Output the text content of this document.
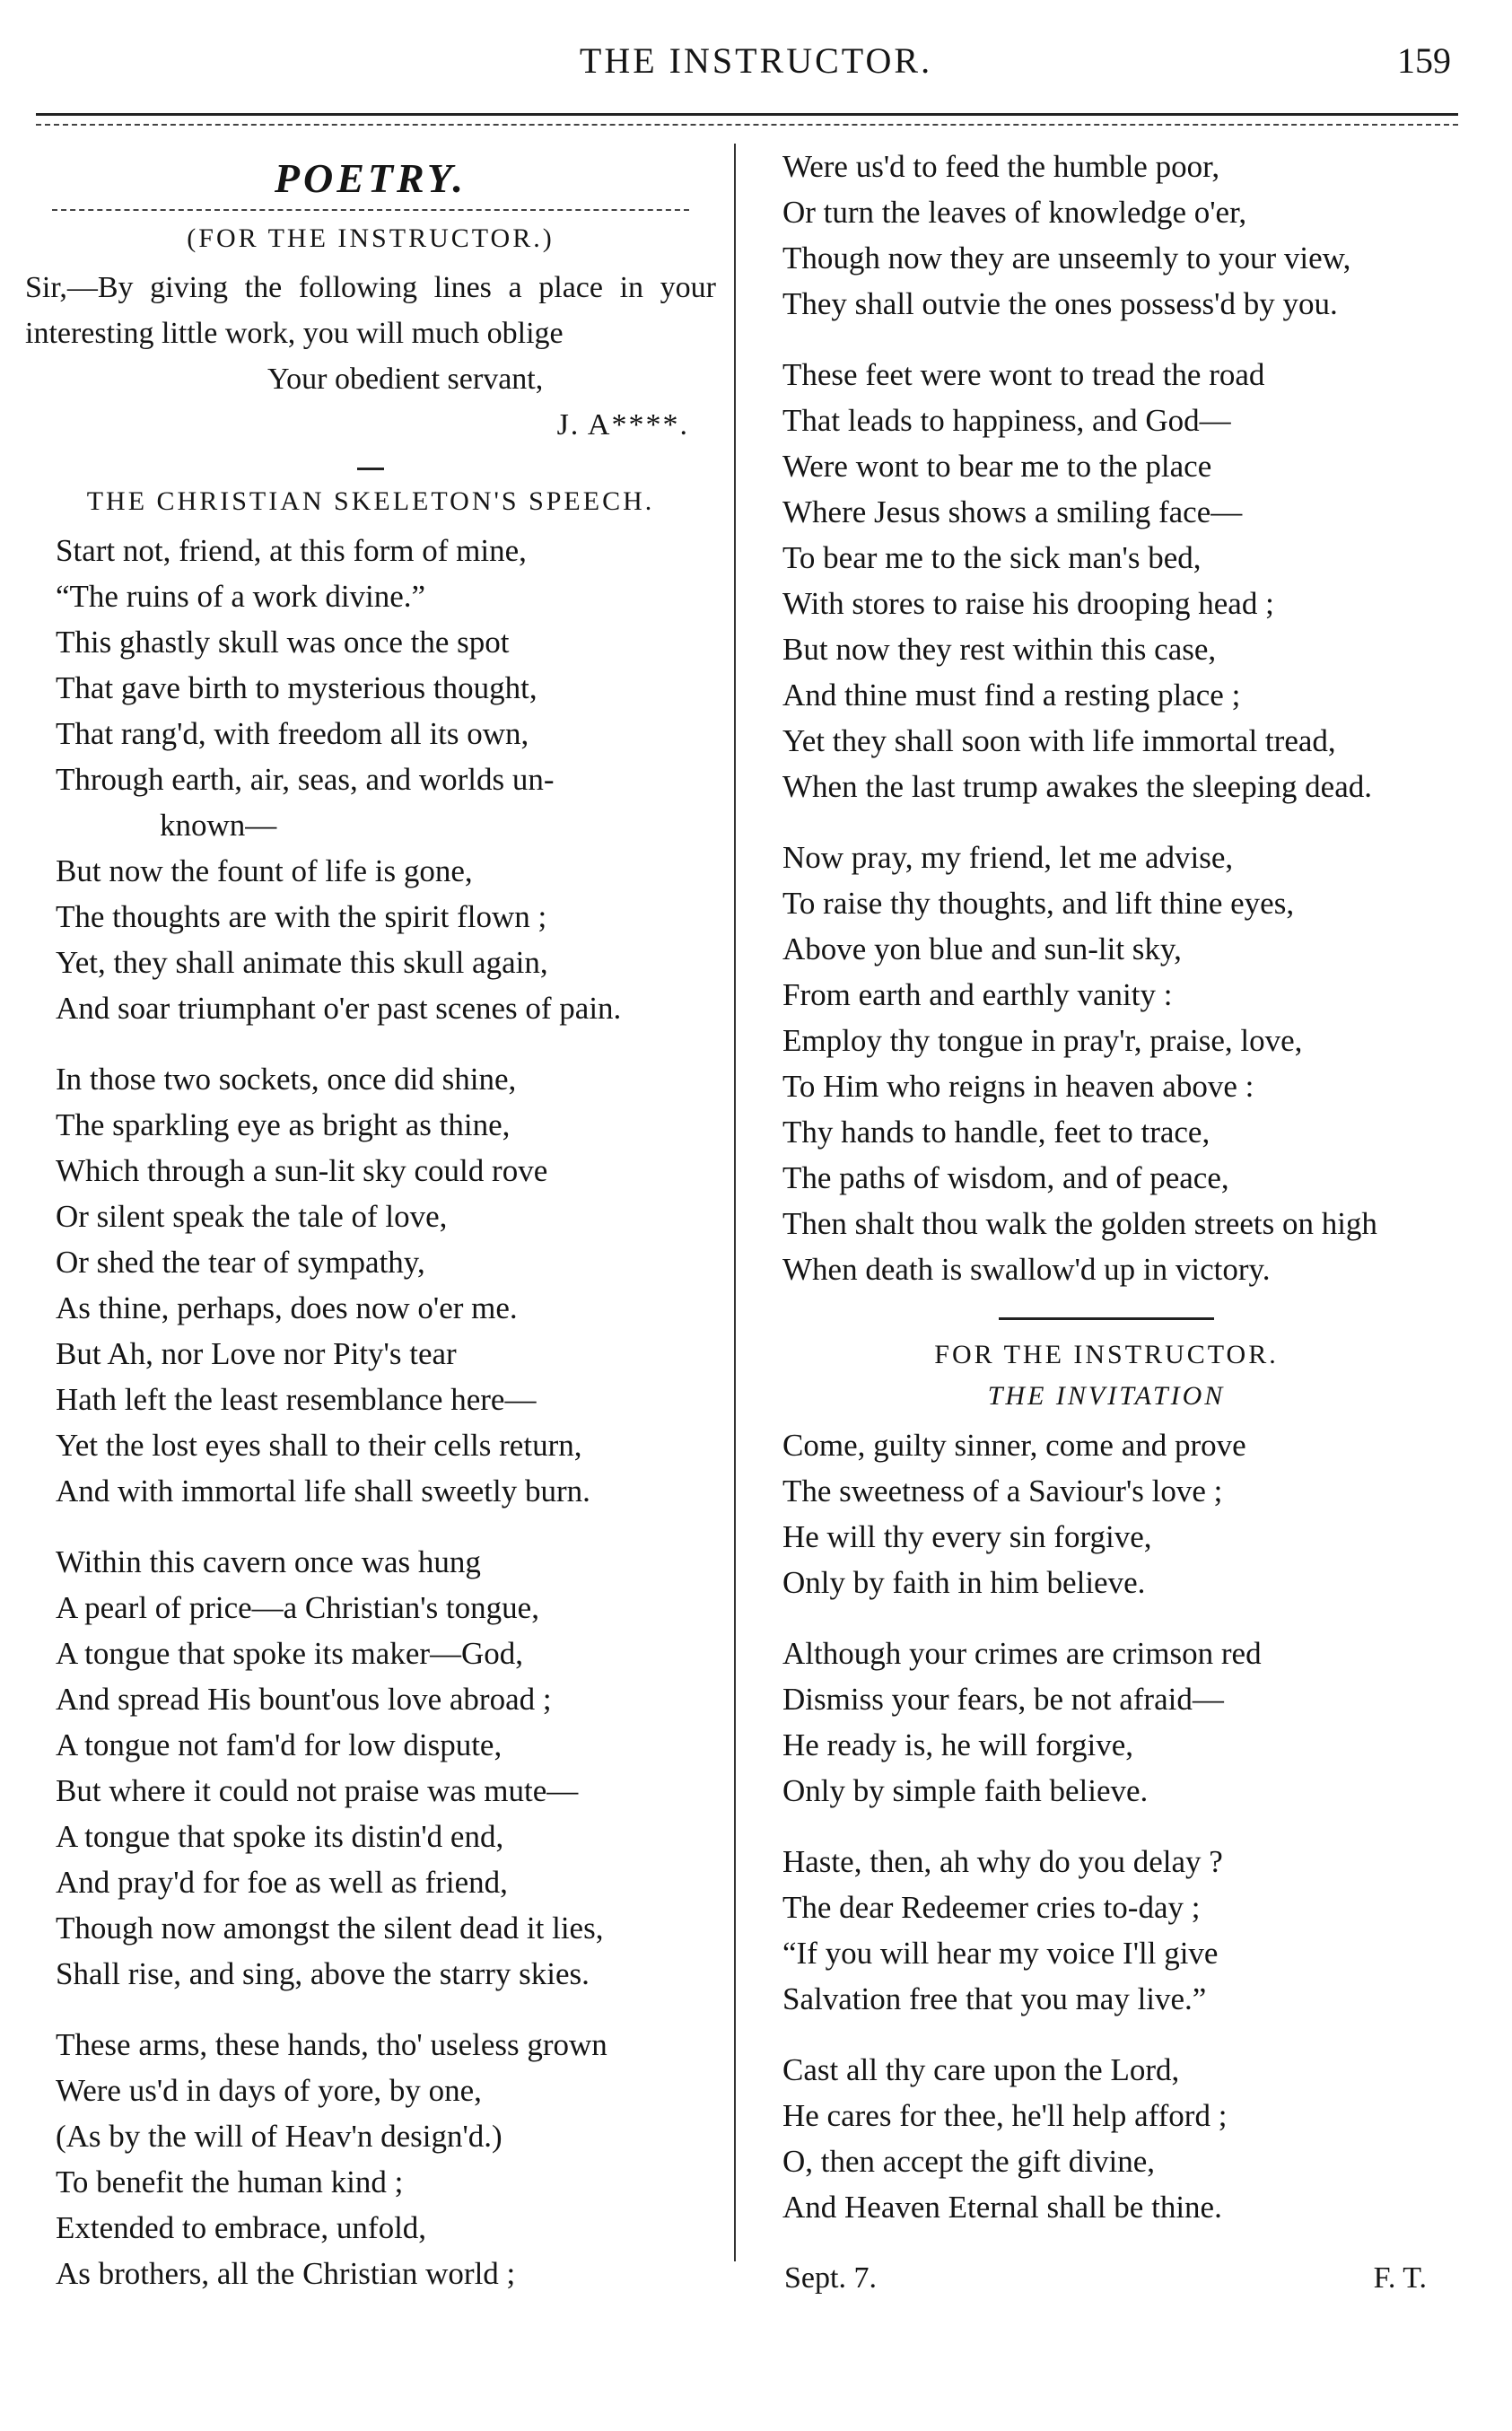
THE INSTRUCTOR.	159
POETRY.
(FOR THE INSTRUCTOR.)
Sir,—By giving the following lines a place in your interesting little work, you will much oblige
Your obedient servant,
J. A****.
THE CHRISTIAN SKELETON'S SPEECH.
Start not, friend, at this form of mine,
“The ruins of a work divine.”
This ghastly skull was once the spot
That gave birth to mysterious thought,
That rang'd, with freedom all its own,
Through earth, air, seas, and worlds un-
known—
But now the fount of life is gone,
The thoughts are with the spirit flown ;
Yet, they shall animate this skull again,
And soar triumphant o'er past scenes of pain.
In those two sockets, once did shine,
The sparkling eye as bright as thine,
Which through a sun-lit sky could rove
Or silent speak the tale of love,
Or shed the tear of sympathy,
As thine, perhaps, does now o'er me.
But Ah, nor Love nor Pity's tear
Hath left the least resemblance here—
Yet the lost eyes shall to their cells return,
And with immortal life shall sweetly burn.
Within this cavern once was hung
A pearl of price—a Christian's tongue,
A tongue that spoke its maker—God,
And spread His bount'ous love abroad ;
A tongue not fam'd for low dispute,
But where it could not praise was mute—
A tongue that spoke its distin'd end,
And pray'd for foe as well as friend,
Though now amongst the silent dead it lies,
Shall rise, and sing, above the starry skies.
These arms, these hands, tho' useless grown
Were us'd in days of yore, by one,
(As by the will of Heav'n design'd.)
To benefit the human kind ;
Extended to embrace, unfold,
As brothers, all the Christian world ;
Were us'd to feed the humble poor,
Or turn the leaves of knowledge o'er,
Though now they are unseemly to your view,
They shall outvie the ones possess'd by you.
These feet were wont to tread the road
That leads to happiness, and God—
Were wont to bear me to the place
Where Jesus shows a smiling face—
To bear me to the sick man's bed,
With stores to raise his drooping head ;
But now they rest within this case,
And thine must find a resting place ;
Yet they shall soon with life immortal tread,
When the last trump awakes the sleeping dead.
Now pray, my friend, let me advise,
To raise thy thoughts, and lift thine eyes,
Above yon blue and sun-lit sky,
From earth and earthly vanity :
Employ thy tongue in pray'r, praise, love,
To Him who reigns in heaven above :
Thy hands to handle, feet to trace,
The paths of wisdom, and of peace,
Then shalt thou walk the golden streets on high
When death is swallow'd up in victory.
FOR THE INSTRUCTOR.
THE INVITATION
Come, guilty sinner, come and prove
The sweetness of a Saviour's love ;
He will thy every sin forgive,
Only by faith in him believe.
Although your crimes are crimson red
Dismiss your fears, be not afraid—
He ready is, he will forgive,
Only by simple faith believe.
Haste, then, ah why do you delay ?
The dear Redeemer cries to-day ;
“If you will hear my voice I'll give
Salvation free that you may live.”
Cast all thy care upon the Lord,
He cares for thee, he'll help afford ;
O, then accept the gift divine,
And Heaven Eternal shall be thine.
Sept. 7.	F. T.
